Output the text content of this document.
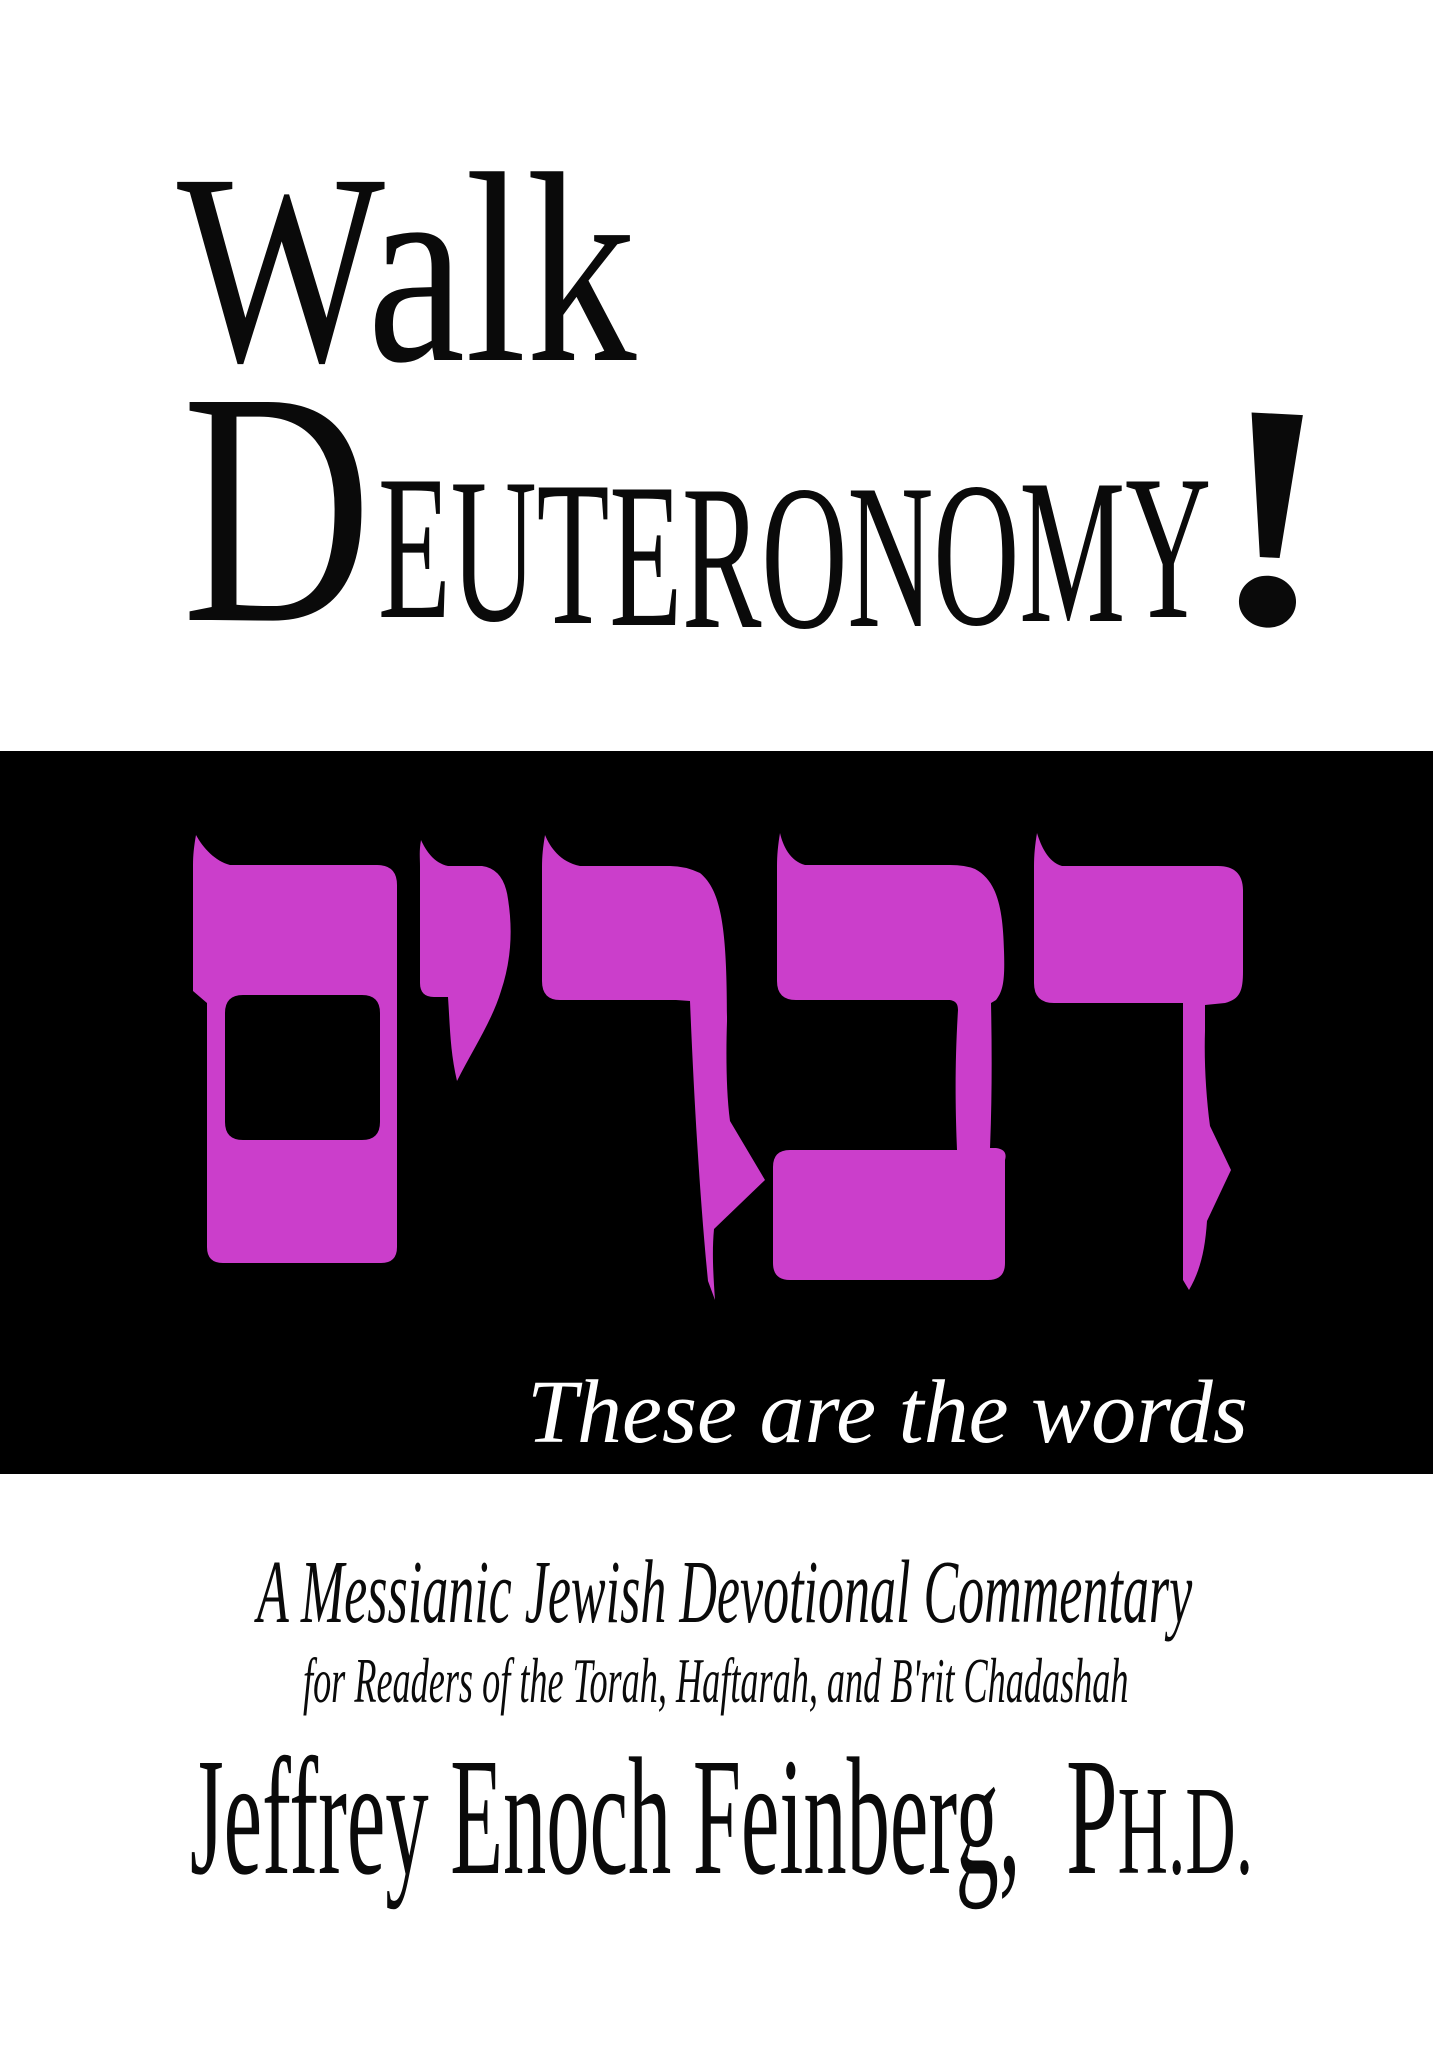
Walk
D EUTERONOMY
!
These are the words
A Messianic Jewish Devotional Commentary
for Readers of the Torah, Haftarah, and B'rit Chadashah
Jeffrey Enoch Feinberg, PH.D.
